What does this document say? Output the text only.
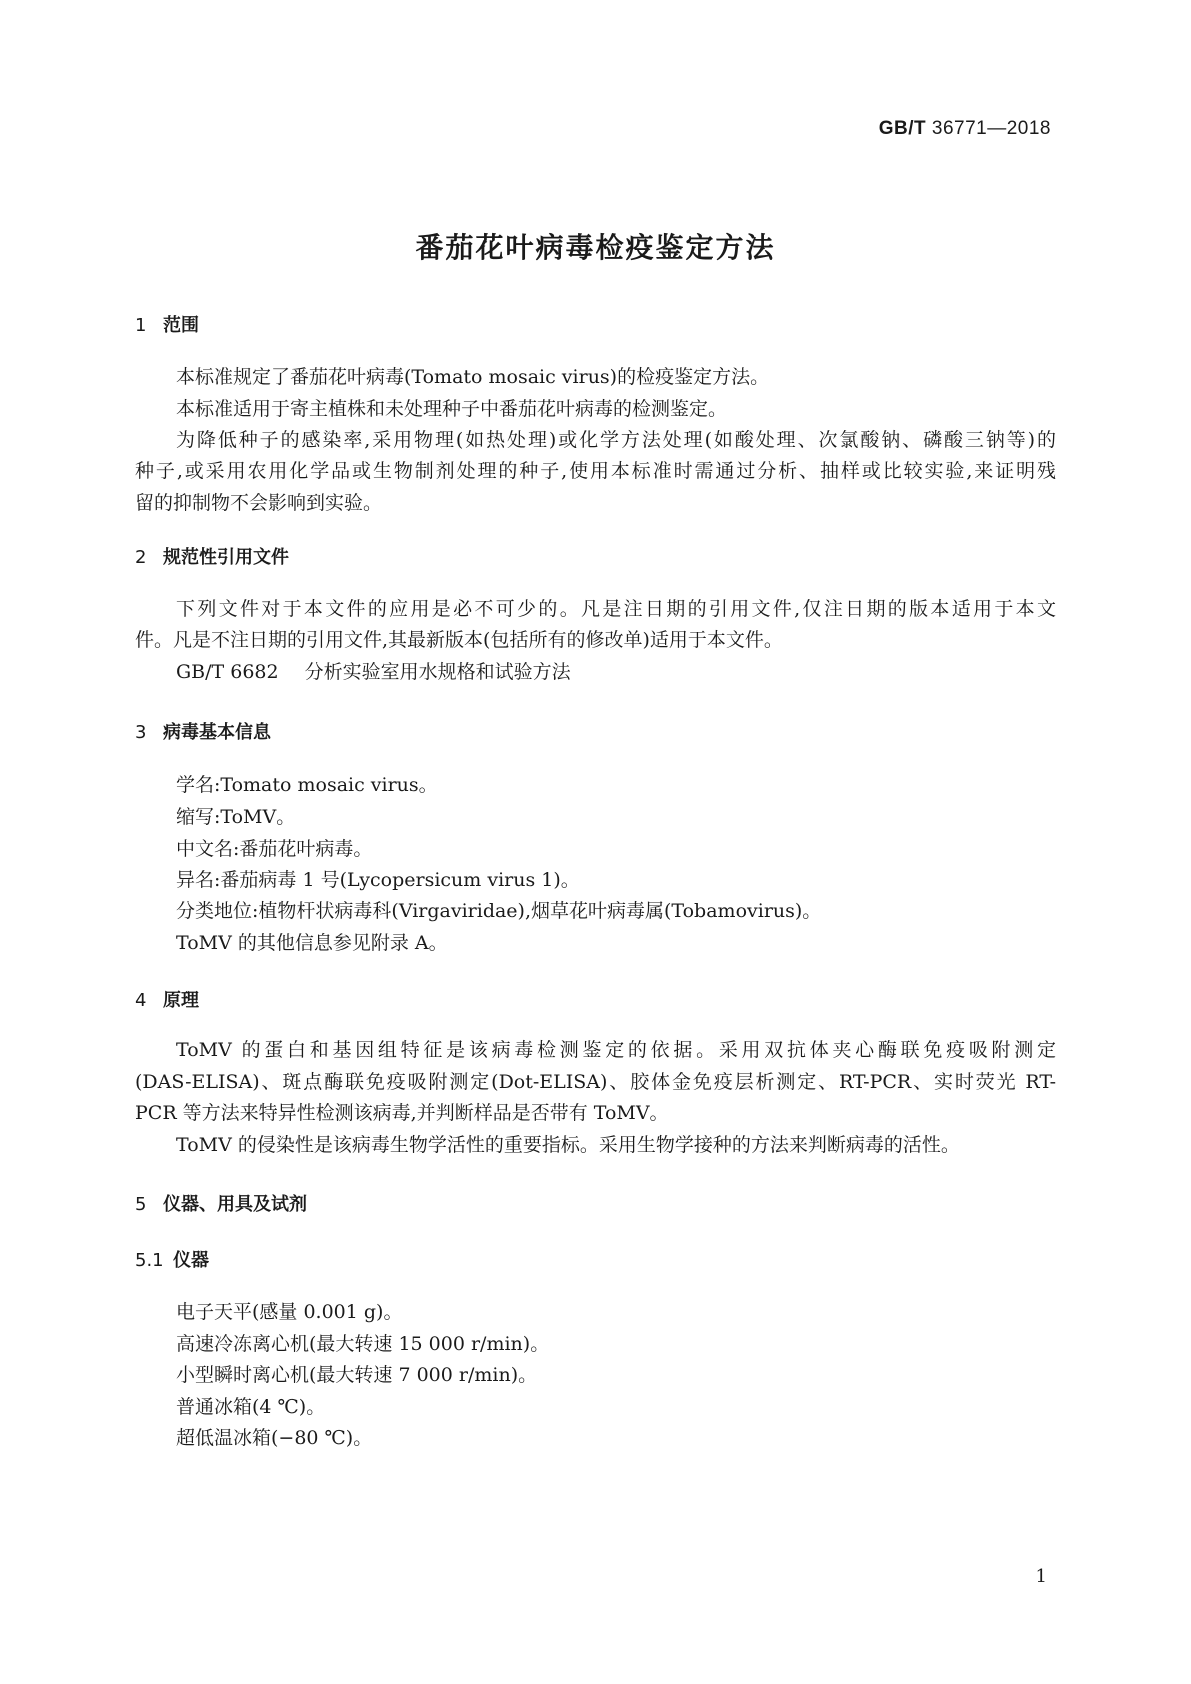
GB/T 36771—2018
番茄花叶病毒检疫鉴定方法
1 范围
本标准规定了番茄花叶病毒(Tomato mosaic virus)的检疫鉴定方法。
本标准适用于寄主植株和未处理种子中番茄花叶病毒的检测鉴定。
为降低种子的感染率,采用物理(如热处理)或化学方法处理(如酸处理、次氯酸钠、磷酸三钠等)的
种子,或采用农用化学品或生物制剂处理的种子,使用本标准时需通过分析、抽样或比较实验,来证明残
留的抑制物不会影响到实验。
2 规范性引用文件
下列文件对于本文件的应用是必不可少的。凡是注日期的引用文件,仅注日期的版本适用于本文
件。凡是不注日期的引用文件,其最新版本(包括所有的修改单)适用于本文件。
GB/T 6682 分析实验室用水规格和试验方法
3 病毒基本信息
学名:Tomato mosaic virus。
缩写:ToMV。
中文名:番茄花叶病毒。
异名:番茄病毒 1 号(Lycopersicum virus 1)。
分类地位:植物杆状病毒科(Virgaviridae),烟草花叶病毒属(Tobamovirus)。
ToMV 的其他信息参见附录 A。
4 原理
ToMV 的蛋白和基因组特征是该病毒检测鉴定的依据。采用双抗体夹心酶联免疫吸附测定
(DAS-ELISA)、斑点酶联免疫吸附测定(Dot-ELISA)、胶体金免疫层析测定、RT-PCR、实时荧光 RT-
PCR 等方法来特异性检测该病毒,并判断样品是否带有 ToMV。
ToMV 的侵染性是该病毒生物学活性的重要指标。采用生物学接种的方法来判断病毒的活性。
5 仪器、用具及试剂
5.1 仪器
电子天平(感量 0.001 g)。
高速冷冻离心机(最大转速 15 000 r/min)。
小型瞬时离心机(最大转速 7 000 r/min)。
普通冰箱(4 ℃)。
超低温冰箱(−80 ℃)。
1
